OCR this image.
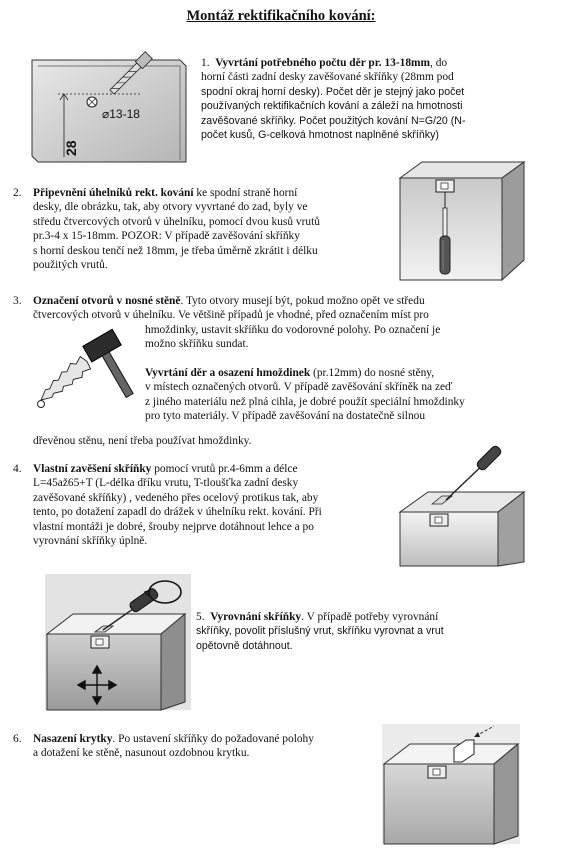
Montáž rektifikačního kování:
⌀13-18
28
1. Vyvrtání potřebného počtu děr pr. 13-18mm, do
horní části zadní desky zavěšované skříňky (28mm pod
spodní okraj horní desky). Počet děr je stejný jako počet
používaných rektifikačních kování a záleží na hmotnosti
zavěšované skříňky. Počet použitých kování N=G/20 (N-
počet kusů, G-celková hmotnost naplněné skříňky)
2. Připevnění úhelníků rekt. kování ke spodní straně horní
desky, dle obrázku, tak, aby otvory vyvrtané do zad, byly ve
středu čtvercových otvorů v úhelníku, pomocí dvou kusů vrutů
pr.3-4 x 15-18mm. POZOR: V případě zavěšování skříňky
s horní deskou tenčí než 18mm, je třeba úměrně zkrátit i délku
použitých vrutů.
3. Označení otvorů v nosné stěně. Tyto otvory musejí být, pokud možno opět ve středu
čtvercových otvorů v úhelníku. Ve většině případů je vhodné, před označením míst pro
hmoždinky, ustavit skříňku do vodorovné polohy. Po označení je
možno skříňku sundat.
Vyvrtání děr a osazení hmoždinek (pr.12mm) do nosné stěny,
v místech označených otvorů. V případě zavěšování skříněk na zeď
z jiného materiálu než plná cihla, je dobré použít speciální hmoždinky
pro tyto materiály. V případě zavěšování na dostatečně silnou
dřevěnou stěnu, není třeba používat hmoždinky.
4. Vlastní zavěšení skříňky pomocí vrutů pr.4-6mm a délce
L=45až65+T (L-délka dříku vrutu, T-tloušťka zadní desky
zavěšované skříňky) , vedeného přes ocelový protikus tak, aby
tento, po dotažení zapadl do drážek v úhelníku rekt. kování. Při
vlastní montáži je dobré, šrouby nejprve dotáhnout lehce a po
vyrovnání skříňky úplně.
5. Vyrovnání skříňky. V případě potřeby vyrovnání
skříňky, povolit příslušný vrut, skříňku vyrovnat a vrut
opětovně dotáhnout.
6. Nasazení krytky. Po ustavení skříňky do požadované polohy
a dotažení ke stěně, nasunout ozdobnou krytku.
